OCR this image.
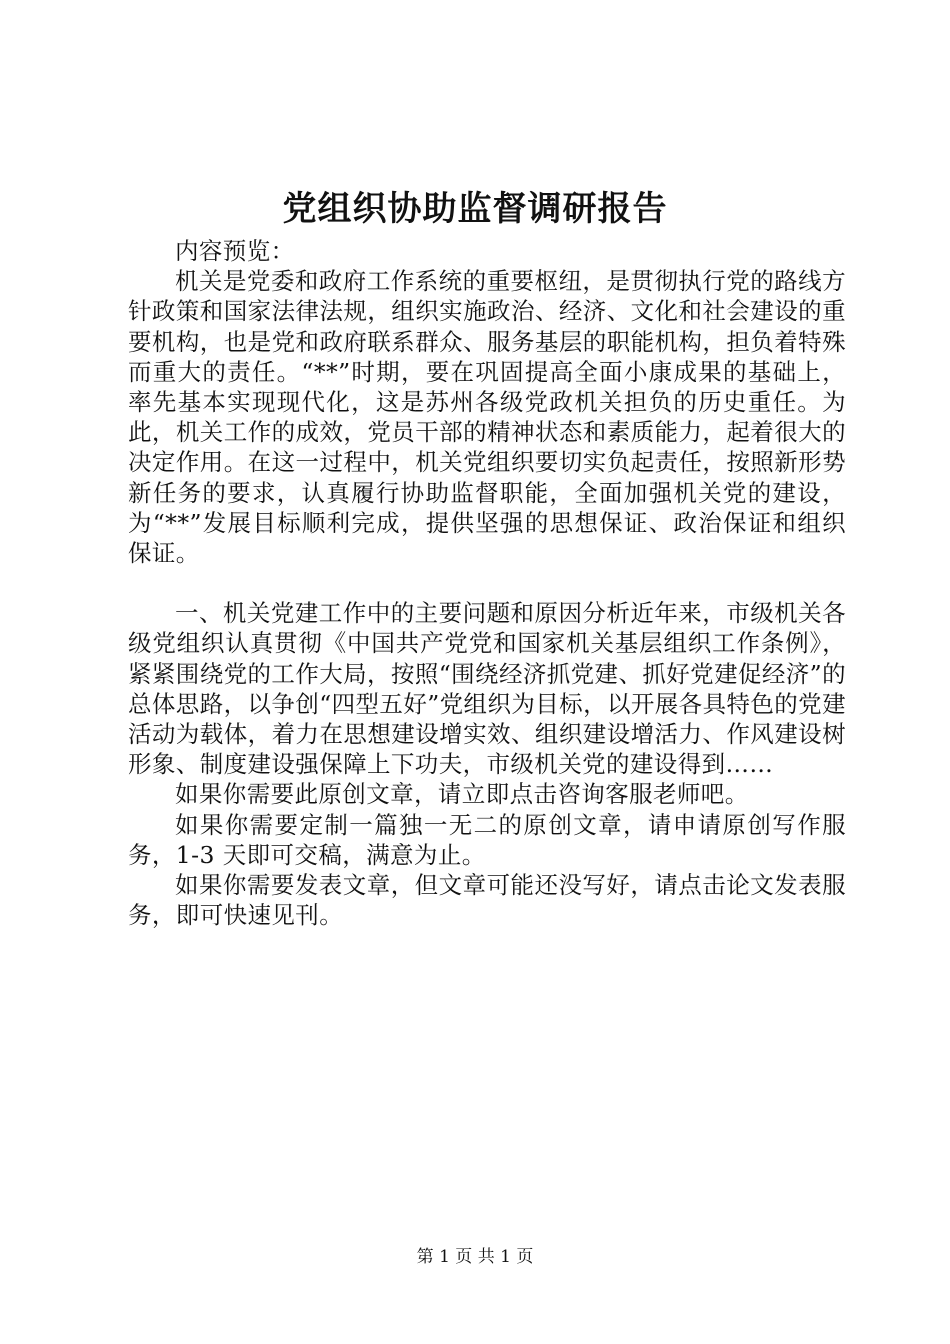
党组织协助监督调研报告

内容预览：

机关是党委和政府工作系统的重要枢纽，是贯彻执行党的路线方针政策和国家法律法规，组织实施政治、经济、文化和社会建设的重要机构，也是党和政府联系群众、服务基层的职能机构，担负着特殊而重大的责任。“**”时期，要在巩固提高全面小康成果的基础上，率先基本实现现代化，这是苏州各级党政机关担负的历史重任。为此，机关工作的成效，党员干部的精神状态和素质能力，起着很大的决定作用。在这一过程中，机关党组织要切实负起责任，按照新形势新任务的要求，认真履行协助监督职能，全面加强机关党的建设，为“**”发展目标顺利完成，提供坚强的思想保证、政治保证和组织保证。

一、机关党建工作中的主要问题和原因分析近年来，市级机关各级党组织认真贯彻《中国共产党党和国家机关基层组织工作条例》，紧紧围绕党的工作大局，按照“围绕经济抓党建、抓好党建促经济”的总体思路，以争创“四型五好”党组织为目标，以开展各具特色的党建活动为载体，着力在思想建设增实效、组织建设增活力、作风建设树形象、制度建设强保障上下功夫，市级机关党的建设得到……

如果你需要此原创文章，请立即点击咨询客服老师吧。

如果你需要定制一篇独一无二的原创文章，请申请原创写作服务，1-3 天即可交稿，满意为止。

如果你需要发表文章，但文章可能还没写好，请点击论文发表服务，即可快速见刊。

第 1 页 共 1 页
